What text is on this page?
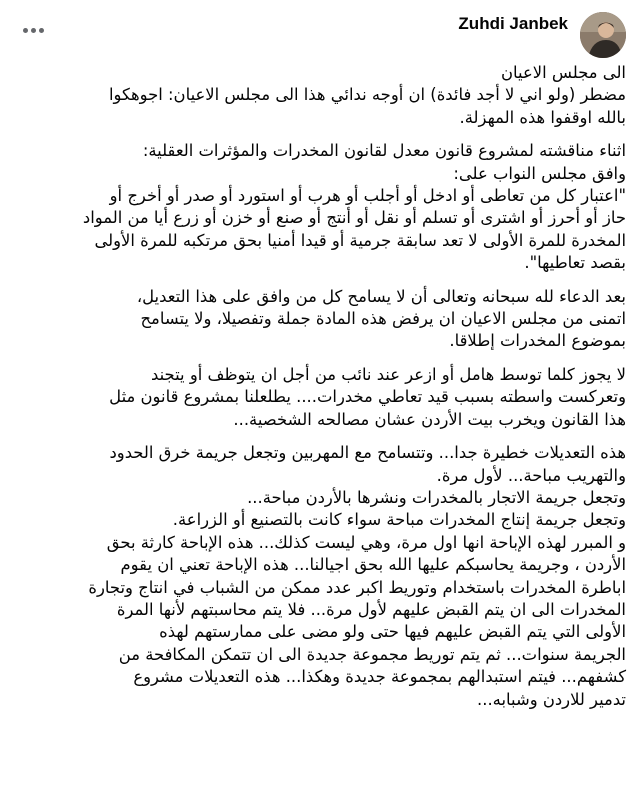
Zuhdi Janbek
الى مجلس الاعيان
مضطر (ولو اني لا أجد فائدة) ان أوجه ندائي هذا الى مجلس الاعيان: اجوهكوا
بالله اوقفوا هذه المهزلة.
اثناء مناقشته لمشروع قانون معدل لقانون المخدرات والمؤثرات العقلية:
وافق مجلس النواب على:
"اعتبار كل من تعاطى أو ادخل أو أجلب أو هرب أو استورد أو صدر أو أخرج أو
حاز أو أحرز أو اشترى أو تسلم أو نقل أو أنتج أو صنع أو خزن أو زرع أيا من المواد
المخدرة للمرة الأولى لا تعد سابقة جرمية أو قيدا أمنيا بحق مرتكبه للمرة الأولى
بقصد تعاطيها".
بعد الدعاء لله سبحانه وتعالى أن لا يسامح كل من وافق على هذا التعديل،
اتمنى من مجلس الاعيان ان يرفض هذه المادة جملة وتفصيلا، ولا يتسامح
بموضوع المخدرات إطلاقا.
لا يجوز كلما توسط هامل أو ازعر عند نائب من أجل ان يتوظف أو يتجند
وتعركست واسطته بسبب قيد تعاطي مخدرات.... يطلعلنا بمشروع قانون مثل
هذا القانون ويخرب بيت الأردن عشان مصالحه الشخصية...
هذه التعديلات خطيرة جدا... وتتسامح مع المهربين وتجعل جريمة خرق الحدود
والتهريب مباحة... لأول مرة.
وتجعل جريمة الاتجار بالمخدرات ونشرها بالأردن مباحة...
وتجعل جريمة إنتاج المخدرات مباحة سواء كانت بالتصنيع أو الزراعة.
و المبرر لهذه الإباحة انها اول مرة، وهي ليست كذلك... هذه الإباحة كارثة بحق
الأردن ، وجريمة يحاسبكم عليها الله بحق اجيالنا... هذه الإباحة تعني ان يقوم
اباطرة المخدرات باستخدام وتوريط اكبر عدد ممكن من الشباب في انتاج وتجارة
المخدرات الى ان يتم القبض عليهم لأول مرة... فلا يتم محاسبتهم لأنها المرة
الأولى التي يتم القبض عليهم فيها حتى ولو مضى على ممارستهم لهذه
الجريمة سنوات... ثم يتم توريط مجموعة جديدة الى ان تتمكن المكافحة من
كشفهم... فيتم استبدالهم بمجموعة جديدة وهكذا... هذه التعديلات مشروع
تدمير للاردن وشبابه...
